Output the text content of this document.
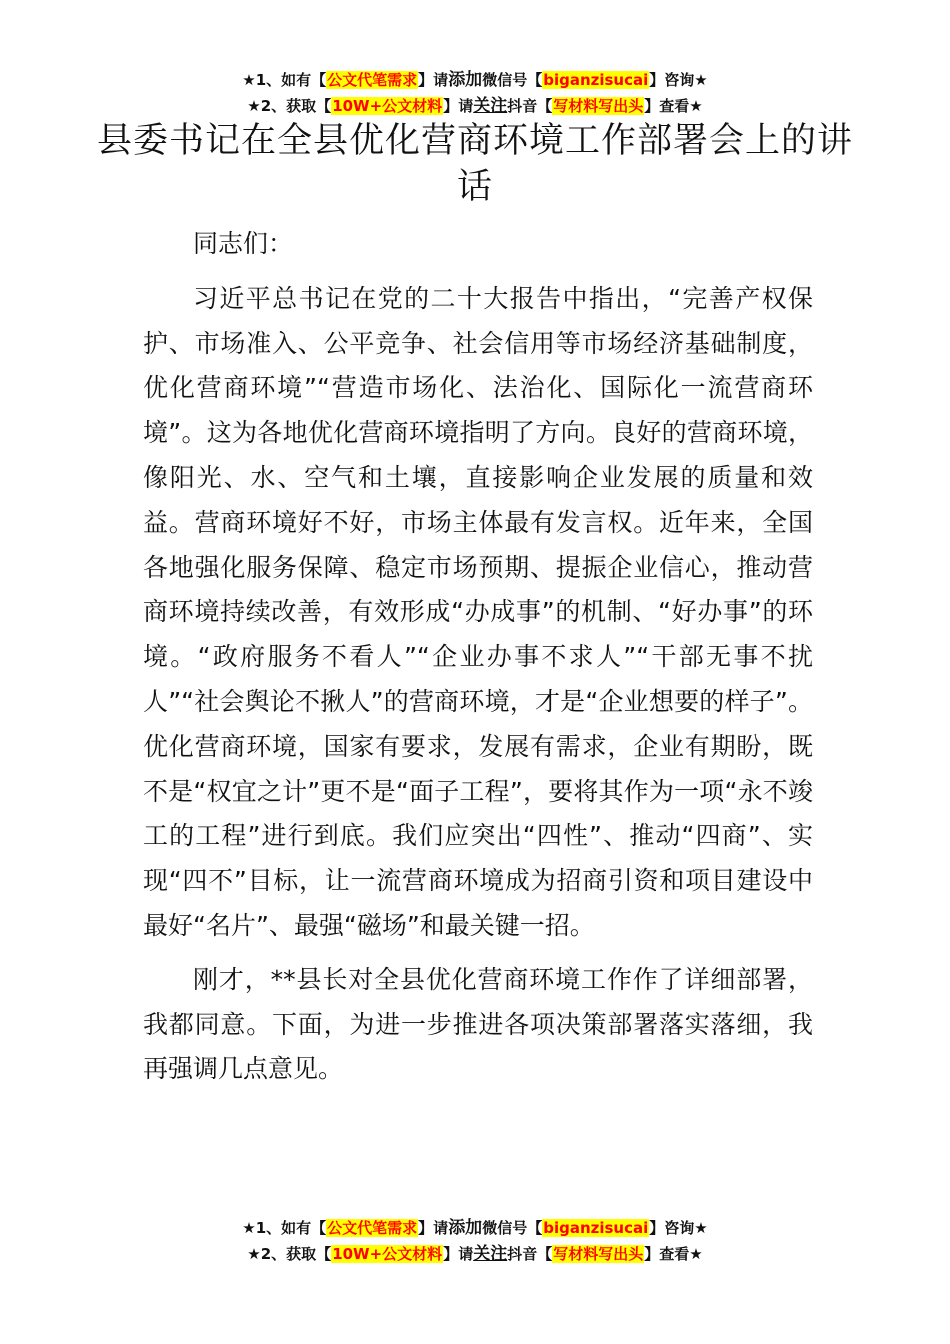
★1、如有【公文代笔需求】请添加微信号【biganzisucai】咨询★
★2、获取【10W+公文材料】请关注抖音【写材料写出头】查看★
县委书记在全县优化营商环境工作部署会上的讲话

同志们：

习近平总书记在党的二十大报告中指出，“完善产权保护、市场准入、公平竞争、社会信用等市场经济基础制度，优化营商环境”“营造市场化、法治化、国际化一流营商环境”。这为各地优化营商环境指明了方向。良好的营商环境，像阳光、水、空气和土壤，直接影响企业发展的质量和效益。营商环境好不好，市场主体最有发言权。近年来，全国各地强化服务保障、稳定市场预期、提振企业信心，推动营商环境持续改善，有效形成“办成事”的机制、“好办事”的环境。“政府服务不看人”“企业办事不求人”“干部无事不扰人”“社会舆论不揪人”的营商环境，才是“企业想要的样子”。优化营商环境，国家有要求，发展有需求，企业有期盼，既不是“权宜之计”更不是“面子工程”，要将其作为一项“永不竣工的工程”进行到底。我们应突出“四性”、推动“四商”、实现“四不”目标，让一流营商环境成为招商引资和项目建设中最好“名片”、最强“磁场”和最关键一招。

刚才，**县长对全县优化营商环境工作作了详细部署，我都同意。下面，为进一步推进各项决策部署落实落细，我再强调几点意见。

★1、如有【公文代笔需求】请添加微信号【biganzisucai】咨询★
★2、获取【10W+公文材料】请关注抖音【写材料写出头】查看★
